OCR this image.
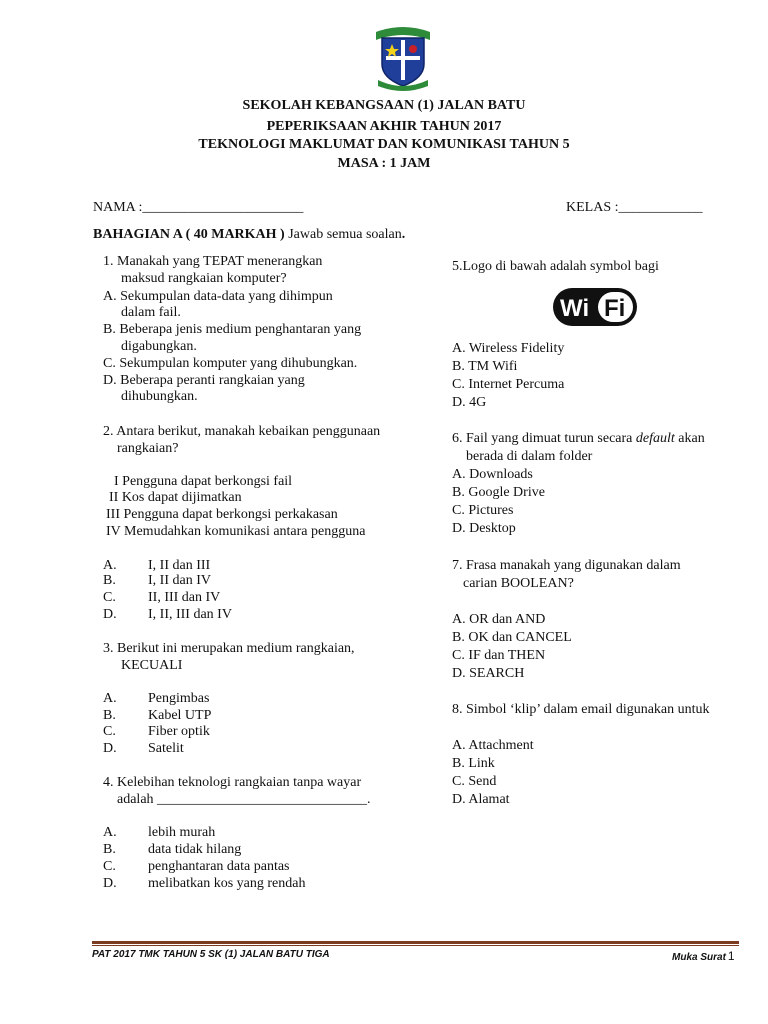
SEKOLAH KEBANGSAAN (1) JALAN BATU
PEPERIKSAAN AKHIR TAHUN 2017
TEKNOLOGI MAKLUMAT DAN KOMUNIKASI TAHUN 5
MASA : 1 JAM
NAMA :_______________________	KELAS :____________
BAHAGIAN A ( 40 MARKAH ) Jawab semua soalan.
1. Manakah yang TEPAT menerangkan
maksud rangkaian komputer?
A. Sekumpulan data-data yang dihimpun
dalam fail.
B. Beberapa jenis medium penghantaran yang
digabungkan.
C. Sekumpulan komputer yang dihubungkan.
D. Beberapa peranti rangkaian yang
dihubungkan.
2. Antara berikut, manakah kebaikan penggunaan
rangkaian?
I Pengguna dapat berkongsi fail
II Kos dapat dijimatkan
III Pengguna dapat berkongsi perkakasan
IV Memudahkan komunikasi antara pengguna
A. I, II dan III
B. I, II dan IV
C. II, III dan IV
D. I, II, III dan IV
3. Berikut ini merupakan medium rangkaian,
KECUALI
A. Pengimbas
B. Kabel UTP
C. Fiber optik
D. Satelit
4. Kelebihan teknologi rangkaian tanpa wayar
adalah ______________________________.
A. lebih murah
B. data tidak hilang
C. penghantaran data pantas
D. melibatkan kos yang rendah
5.Logo di bawah adalah symbol bagi
Wi Fi
A. Wireless Fidelity
B. TM Wifi
C. Internet Percuma
D. 4G
6. Fail yang dimuat turun secara default akan
berada di dalam folder
A. Downloads
B. Google Drive
C. Pictures
D. Desktop
7. Frasa manakah yang digunakan dalam
carian BOOLEAN?
A. OR dan AND
B. OK dan CANCEL
C. IF dan THEN
D. SEARCH
8. Simbol ‘klip’ dalam email digunakan untuk
A. Attachment
B. Link
C. Send
D. Alamat
PAT 2017 TMK TAHUN 5 SK (1) JALAN BATU TIGA	Muka Surat 1
